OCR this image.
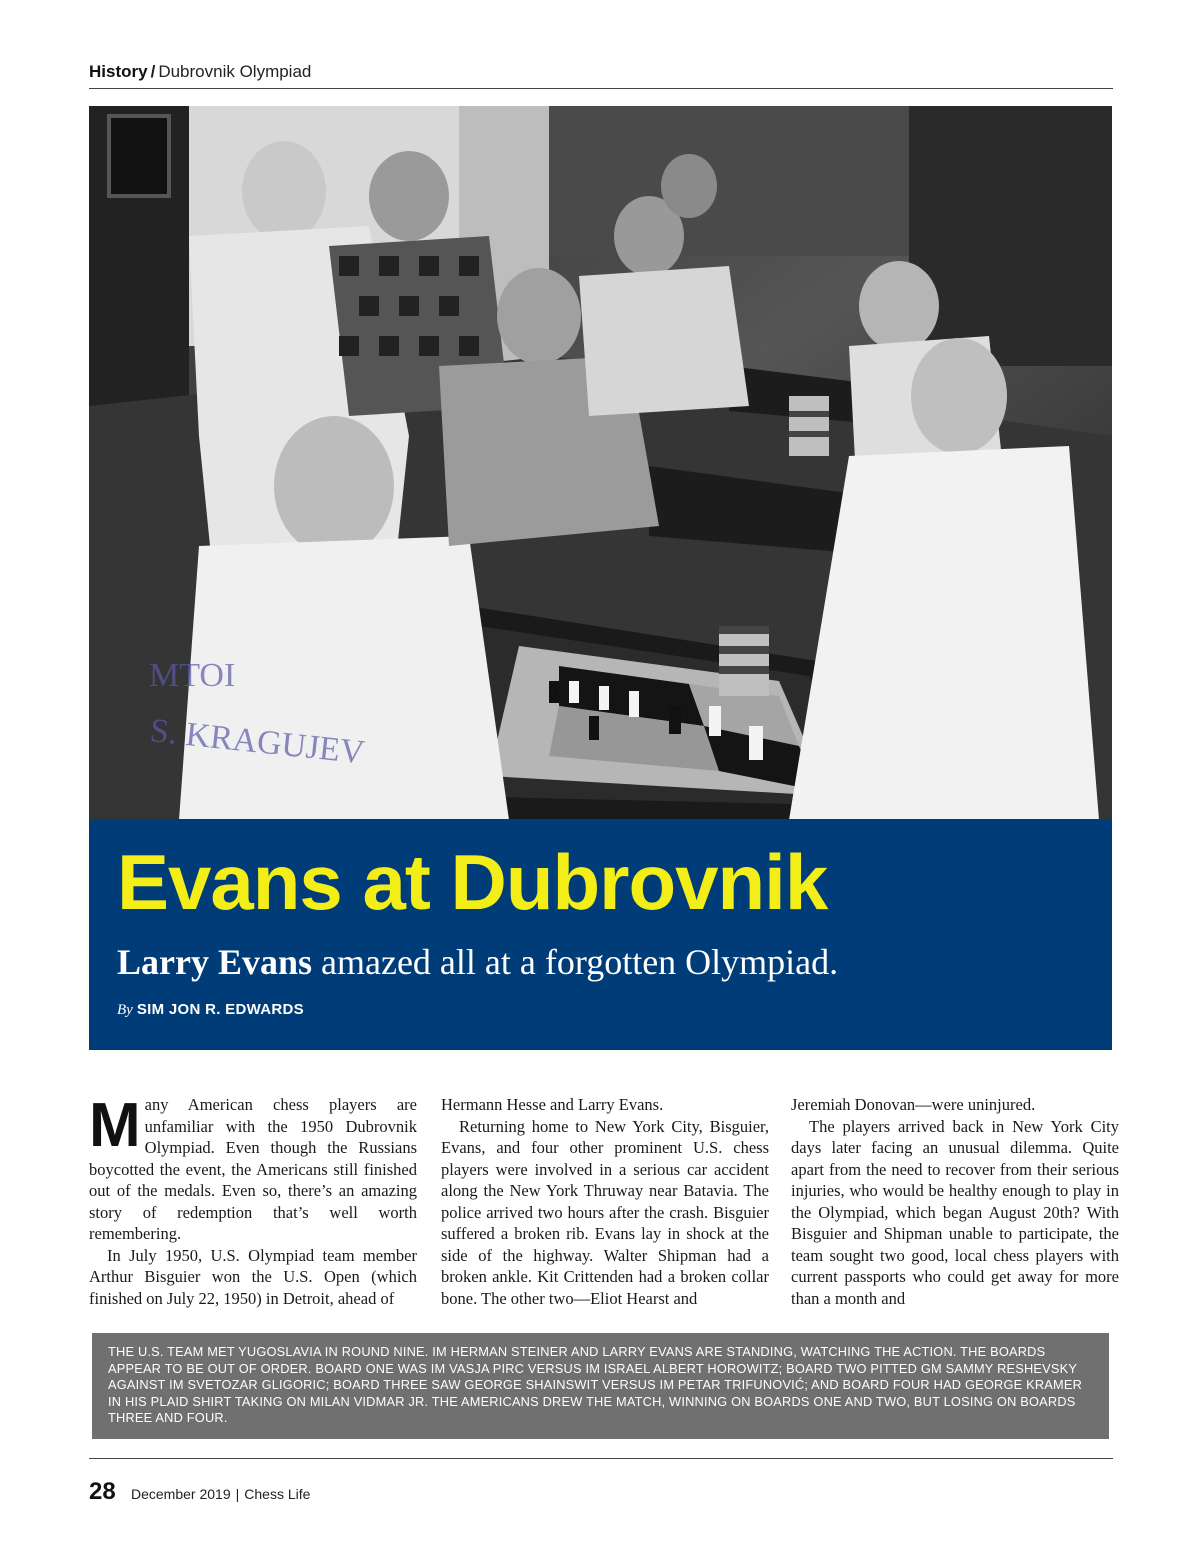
History / Dubrovnik Olympiad
MTOI
S. KRAGUJEV
Evans at Dubrovnik
Larry Evans amazed all at a forgotten Olympiad.
By SIM JON R. EDWARDS
M any American chess players are unfamiliar with the 1950 Dubrovnik Olympiad. Even though the Russians boycotted the event, the Americans still finished out of the medals. Even so, there’s an amazing story of redemption that’s well worth remembering.

In July 1950, U.S. Olympiad team member Arthur Bisguier won the U.S. Open (which finished on July 22, 1950) in Detroit, ahead of

Hermann Hesse and Larry Evans.

Returning home to New York City, Bisguier, Evans, and four other prominent U.S. chess players were involved in a serious car accident along the New York Thruway near Batavia. The police arrived two hours after the crash. Bisguier suffered a broken rib. Evans lay in shock at the side of the highway. Walter Shipman had a broken ankle. Kit Crittenden had a broken collar bone. The other two—Eliot Hearst and

Jeremiah Donovan—were uninjured.

The players arrived back in New York City days later facing an unusual dilemma. Quite apart from the need to recover from their serious injuries, who would be healthy enough to play in the Olympiad, which began August 20th? With Bisguier and Shipman unable to participate, the team sought two good, local chess players with current passports who could get away for more than a month and

THE U.S. TEAM MET YUGOSLAVIA IN ROUND NINE. IM HERMAN STEINER AND LARRY EVANS ARE STANDING, WATCHING THE ACTION. THE BOARDS APPEAR TO BE OUT OF ORDER. BOARD ONE WAS IM VASJA PIRC VERSUS IM ISRAEL ALBERT HOROWITZ; BOARD TWO PITTED GM SAMMY RESHEVSKY AGAINST IM SVETOZAR GLIGORIC; BOARD THREE SAW GEORGE SHAINSWIT VERSUS IM PETAR TRIFUNOVIĆ; AND BOARD FOUR HAD GEORGE KRAMER IN HIS PLAID SHIRT TAKING ON MILAN VIDMAR JR. THE AMERICANS DREW THE MATCH, WINNING ON BOARDS ONE AND TWO, BUT LOSING ON BOARDS THREE AND FOUR.
28 December 2019 | Chess Life
